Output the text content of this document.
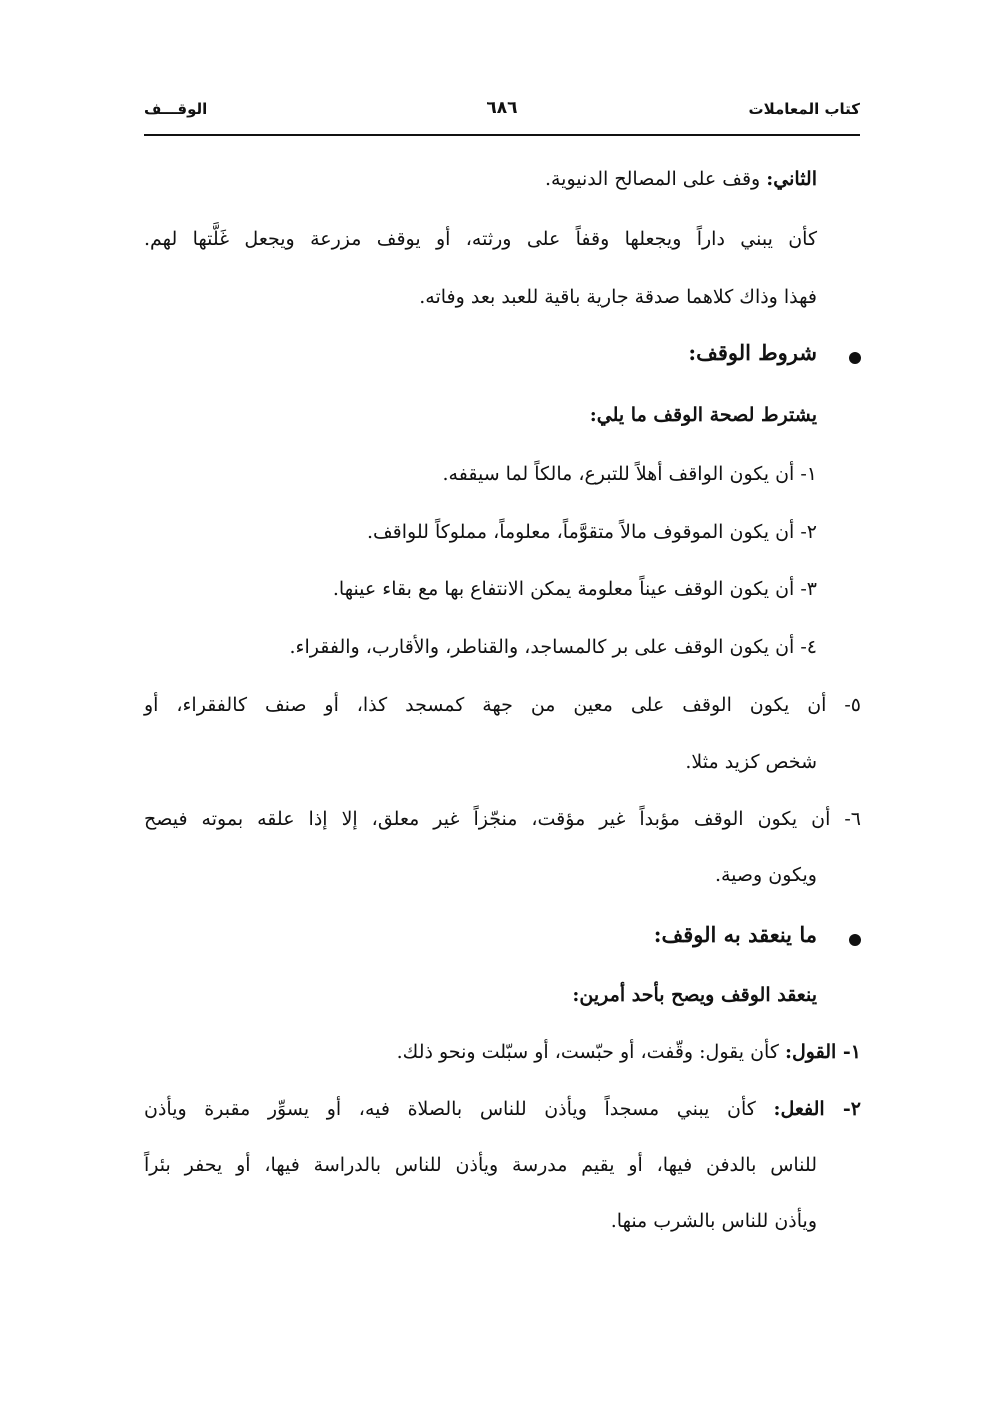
كتاب المعاملات
٦٨٦
الوقـــف
الثاني: وقف على المصالح الدنيوية.
كأن يبني داراً ويجعلها وقفاً على ورثته، أو يوقف مزرعة ويجعل غَلَّتها لهم.
فهذا وذاك كلاهما صدقة جارية باقية للعبد بعد وفاته.
شروط الوقف:
يشترط لصحة الوقف ما يلي:
١- أن يكون الواقف أهلاً للتبرع، مالكاً لما سيقفه.
٢- أن يكون الموقوف مالاً متقوَّماً، معلوماً، مملوكاً للواقف.
٣- أن يكون الوقف عيناً معلومة يمكن الانتفاع بها مع بقاء عينها.
٤- أن يكون الوقف على بر كالمساجد، والقناطر، والأقارب، والفقراء.
٥- أن يكون الوقف على معين من جهة كمسجد كذا، أو صنف كالفقراء، أو
شخص كزيد مثلا.
٦- أن يكون الوقف مؤبداً غير مؤقت، منجّزاً غير معلق، إلا إذا علقه بموته فيصح
ويكون وصية.
ما ينعقد به الوقف:
ينعقد الوقف ويصح بأحد أمرين:
١- القول: كأن يقول: وقّفت، أو حبّست، أو سبّلت ونحو ذلك.
٢- الفعل: كأن يبني مسجداً ويأذن للناس بالصلاة فيه، أو يسوِّر مقبرة ويأذن
للناس بالدفن فيها، أو يقيم مدرسة ويأذن للناس بالدراسة فيها، أو يحفر بئراً
ويأذن للناس بالشرب منها.
